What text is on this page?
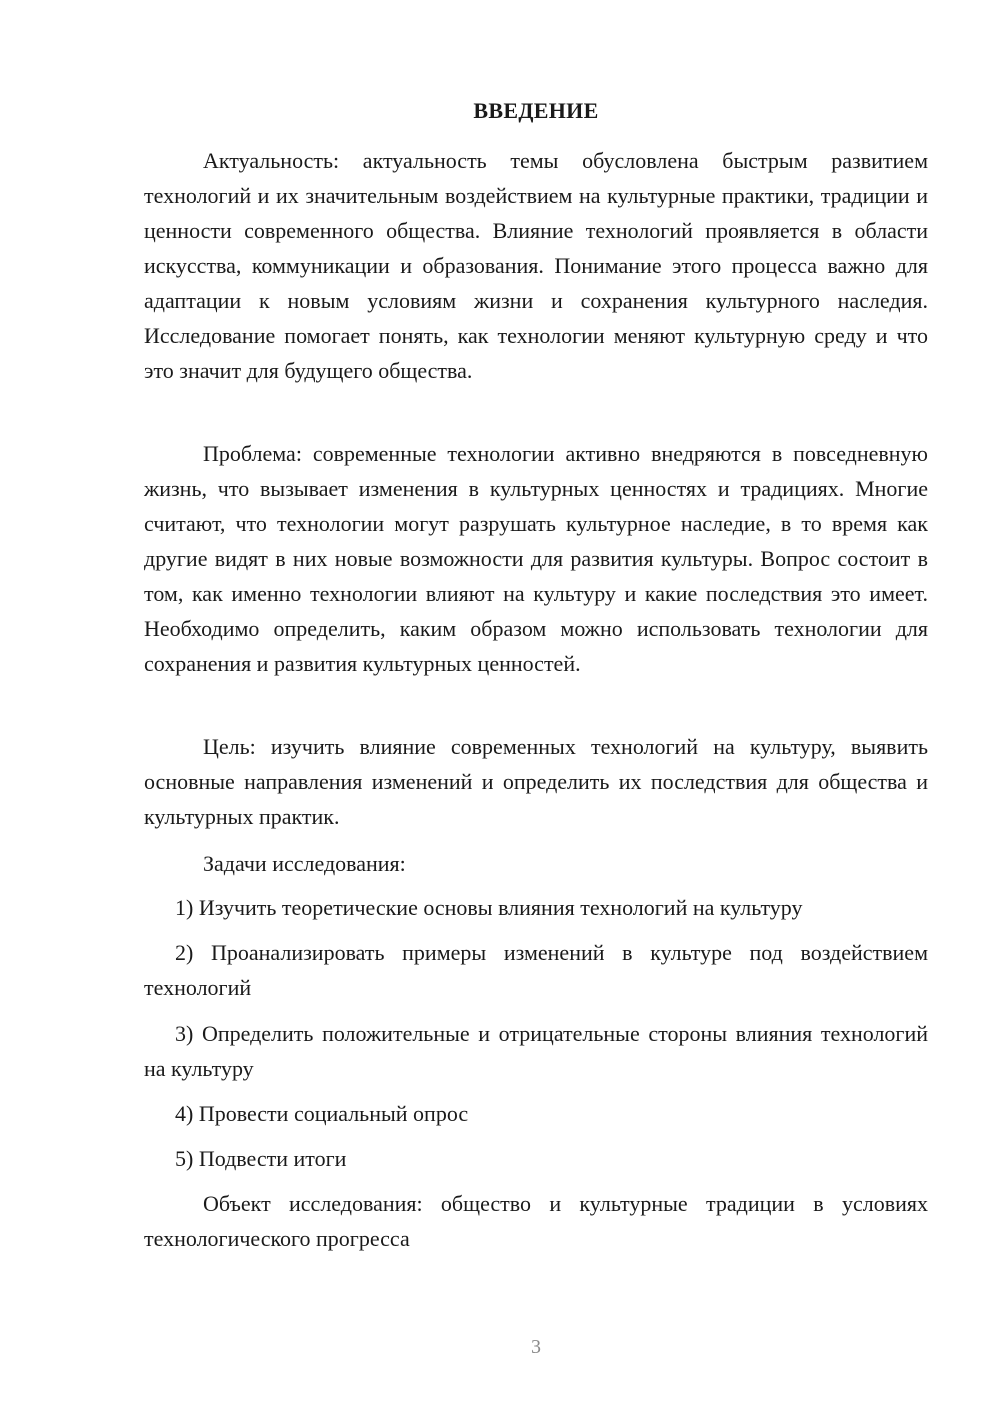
ВВЕДЕНИЕ

Актуальность: актуальность темы обусловлена быстрым развитием технологий и их значительным воздействием на культурные практики, традиции и ценности современного общества. Влияние технологий проявляется в области искусства, коммуникации и образования. Понимание этого процесса важно для адаптации к новым условиям жизни и сохранения культурного наследия. Исследование помогает понять, как технологии меняют культурную среду и что это значит для будущего общества.

Проблема: современные технологии активно внедряются в повседневную жизнь, что вызывает изменения в культурных ценностях и традициях. Многие считают, что технологии могут разрушать культурное наследие, в то время как другие видят в них новые возможности для развития культуры. Вопрос состоит в том, как именно технологии влияют на культуру и какие последствия это имеет. Необходимо определить, каким образом можно использовать технологии для сохранения и развития культурных ценностей.

Цель: изучить влияние современных технологий на культуру, выявить основные направления изменений и определить их последствия для общества и культурных практик.

Задачи исследования:

1) Изучить теоретические основы влияния технологий на культуру

2) Проанализировать примеры изменений в культуре под воздействием технологий

3) Определить положительные и отрицательные стороны влияния технологий на культуру

4) Провести социальный опрос

5) Подвести итоги

Объект исследования: общество и культурные традиции в условиях технологического прогресса

3
